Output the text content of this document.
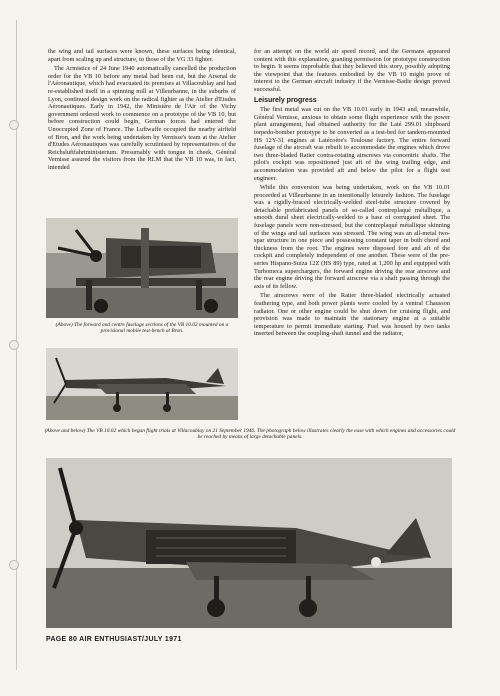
the wing and tail surfaces were known, these surfaces being identical, apart from scaling up and structure, to those of the VG 33 fighter.

The Armistice of 24 June 1940 automatically cancelled the production order for the VB 10 before any metal had been cut, but the Arsenal de l'Aéronautique, which had evacuated its premises at Villacoublay and had re-established itself in a spinning mill at Villeurbanne, in the suburbs of Lyon, continued design work on the radical fighter as the Atelier d'Etudes Aéronautiques. Early in 1942, the Ministère de l'Air of the Vichy government ordered work to commence on a prototype of the VB 10, but before construction could begin, German forces had entered the Unoccupied Zone of France. The Luftwaffe occupied the nearby airfield of Bron, and the work being undertaken by Vernisse's team at the Atelier d'Etudes Aéronautiques was carefully scrutinised by representatives of the Reichsluftfahrtministerium. Presumably with tongue in cheek, Général Vernisse assured the visitors from the RLM that the VB 10 was, in fact, intended

for an attempt on the world air speed record, and the Germans appeared content with this explanation, granting permission for prototype construction to begin. It seems improbable that they believed this story, possibly adopting the viewpoint that the features embodied by the VB 10 might prove of interest to the German aircraft industry if the Vernisse-Badie design proved successful.

Leisurely progress

The first metal was cut on the VB 10.01 early in 1943 and, meanwhile, Général Vernisse, anxious to obtain some flight experience with the power plant arrangement, had obtained authority for the Laté 299.01 shipboard torpedo-bomber prototype to be converted as a test-bed for tandem-mounted HS 12Y-31 engines at Latécoère's Toulouse factory. The entire forward fuselage of the aircraft was rebuilt to accommodate the engines which drove two three-bladed Ratier contra-rotating airscrews via concentric shafts. The pilot's cockpit was repositioned just aft of the wing trailing edge, and accommodation was provided aft and below the pilot for a flight test engineer.

While this conversion was being undertaken, work on the VB 10.01 proceeded at Villeurbanne in an intentionally leisurely fashion. The fuselage was a rigidly-braced electrically-welded steel-tube structure covered by detachable prefabricated panels of so-called contreplaqué métallique, a smooth dural sheet electrically-welded to a base of corrugated sheet. The fuselage panels were non-stressed, but the contreplaqué métallique skinning of the wings and tail surfaces was stressed. The wing was an all-metal two-spar structure in one piece and possessing constant taper in both chord and thickness from the root. The engines were disposed fore and aft of the cockpit and completely independent of one another. These were of the pre-series Hispano-Suiza 12Z (HS 89) type, rated at 1,200 hp and equipped with Turbomeca superchargers, the forward engine driving the rear airscrew and the rear engine driving the forward airscrew via a shaft passing through the axis of its fellow.

The airscrews were of the Ratier three-bladed electrically actuated feathering type, and both power plants were cooled by a ventral Chausson radiator. One or other engine could be shut down for cruising flight, and provision was made to maintain the stationary engine at a suitable temperature to permit immediate starting. Fuel was housed by two tanks inserted between the coupling-shaft tunnel and the radiator,

(Above) The forward and centre fuselage sections of the VB 10.02 mounted on a provisional mobile test-bench at Bron.
(Above and below) The VB 10.02 which began flight trials at Villacoublay on 21 September 1946. The photograph below illustrates clearly the ease with which engines and accessories could be reached by means of large detachable panels.
PAGE 80 AIR ENTHUSIAST/JULY 1971
